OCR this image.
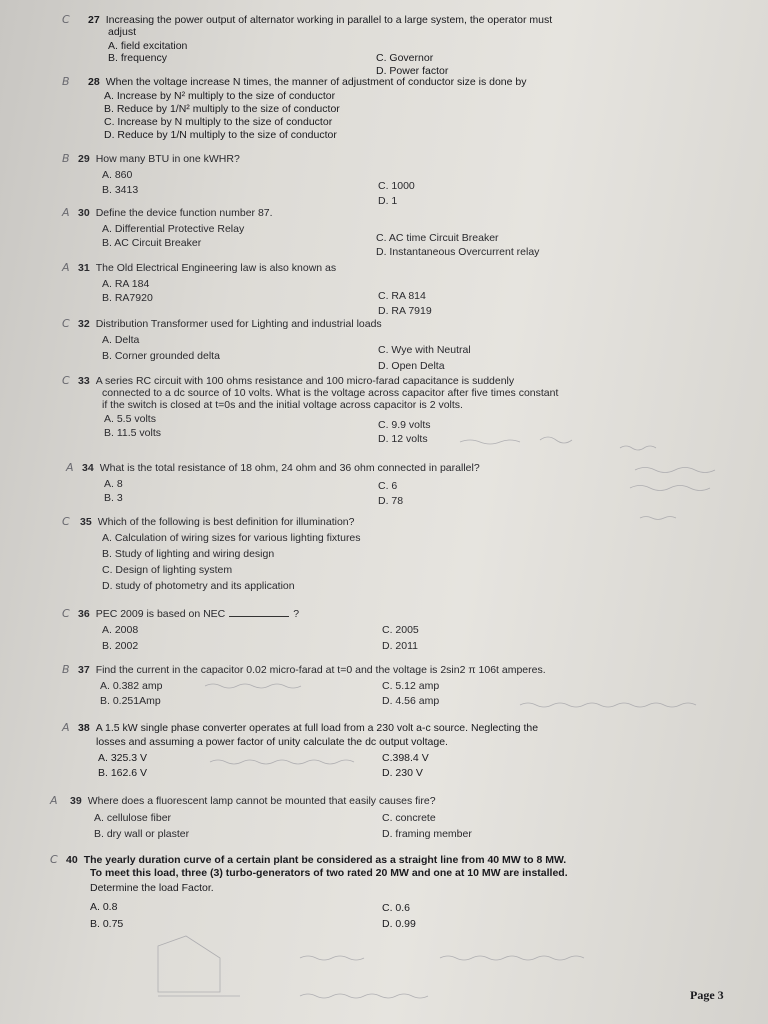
C 27 Increasing the power output of alternator working in parallel to a large system, the operator must
adjust
A. field excitation
B. frequency	C. Governor
D. Power factor
B 28 When the voltage increase N times, the manner of adjustment of conductor size is done by
A. Increase by N² multiply to the size of conductor
B. Reduce by 1/N² multiply to the size of conductor
C. Increase by N multiply to the size of conductor
D. Reduce by 1/N multiply to the size of conductor
B 29 How many BTU in one kWHR?
A. 860
B. 3413	C. 1000
D. 1
A 30 Define the device function number 87.
A. Differential Protective Relay
B. AC Circuit Breaker	C. AC time Circuit Breaker
D. Instantaneous Overcurrent relay
A 31 The Old Electrical Engineering law is also known as
A. RA 184
B. RA7920	C. RA 814
D. RA 7919
C 32 Distribution Transformer used for Lighting and industrial loads
A. Delta
B. Corner grounded delta	C. Wye with Neutral
D. Open Delta
C 33 A series RC circuit with 100 ohms resistance and 100 micro-farad capacitance is suddenly
connected to a dc source of 10 volts. What is the voltage across capacitor after five times constant
if the switch is closed at t=0s and the initial voltage across capacitor is 2 volts.
A. 5.5 volts
B. 11.5 volts
C. 9.9 volts
D. 12 volts
A 34 What is the total resistance of 18 ohm, 24 ohm and 36 ohm connected in parallel?
A. 8
B. 3
C. 6
D. 78
C 35 Which of the following is best definition for illumination?
A. Calculation of wiring sizes for various lighting fixtures
B. Study of lighting and wiring design
C. Design of lighting system
D. study of photometry and its application
C 36 PEC 2009 is based on NEC	?
A. 2008
B. 2002
C. 2005
D. 2011
B 37 Find the current in the capacitor 0.02 micro-farad at t=0 and the voltage is 2sin2 π 106t amperes.
A. 0.382 amp
B. 0.251Amp
C. 5.12 amp
D. 4.56 amp
A 38 A 1.5 kW single phase converter operates at full load from a 230 volt a-c source. Neglecting the
losses and assuming a power factor of unity calculate the dc output voltage.
A. 325.3 V
B. 162.6 V
C.398.4 V
D. 230 V
A 39 Where does a fluorescent lamp cannot be mounted that easily causes fire?
A. cellulose fiber
B. dry wall or plaster
C. concrete
D. framing member
C 40 The yearly duration curve of a certain plant be considered as a straight line from 40 MW to 8 MW.
To meet this load, three (3) turbo-generators of two rated 20 MW and one at 10 MW are installed.
Determine the load Factor.
A. 0.8
B. 0.75
C. 0.6
D. 0.99
Page 3
